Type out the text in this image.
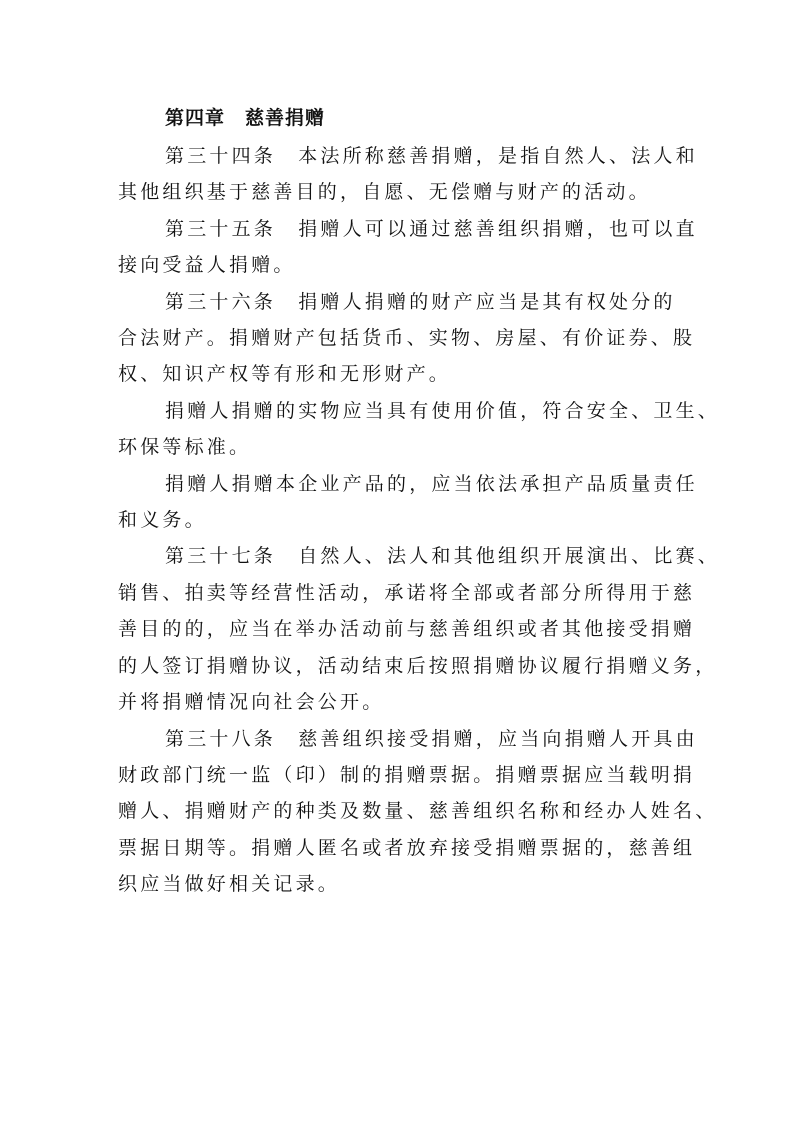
第四章　慈善捐赠

第三十四条　本法所称慈善捐赠，是指自然人、法人和
其他组织基于慈善目的，自愿、无偿赠与财产的活动。

第三十五条　捐赠人可以通过慈善组织捐赠，也可以直
接向受益人捐赠。

第三十六条　捐赠人捐赠的财产应当是其有权处分的
合法财产。捐赠财产包括货币、实物、房屋、有价证券、股
权、知识产权等有形和无形财产。

捐赠人捐赠的实物应当具有使用价值，符合安全、卫生、
环保等标准。

捐赠人捐赠本企业产品的，应当依法承担产品质量责任
和义务。

第三十七条　自然人、法人和其他组织开展演出、比赛、
销售、拍卖等经营性活动，承诺将全部或者部分所得用于慈
善目的的，应当在举办活动前与慈善组织或者其他接受捐赠
的人签订捐赠协议，活动结束后按照捐赠协议履行捐赠义务，
并将捐赠情况向社会公开。

第三十八条　慈善组织接受捐赠，应当向捐赠人开具由
财政部门统一监（印）制的捐赠票据。捐赠票据应当载明捐
赠人、捐赠财产的种类及数量、慈善组织名称和经办人姓名、
票据日期等。捐赠人匿名或者放弃接受捐赠票据的，慈善组
织应当做好相关记录。
